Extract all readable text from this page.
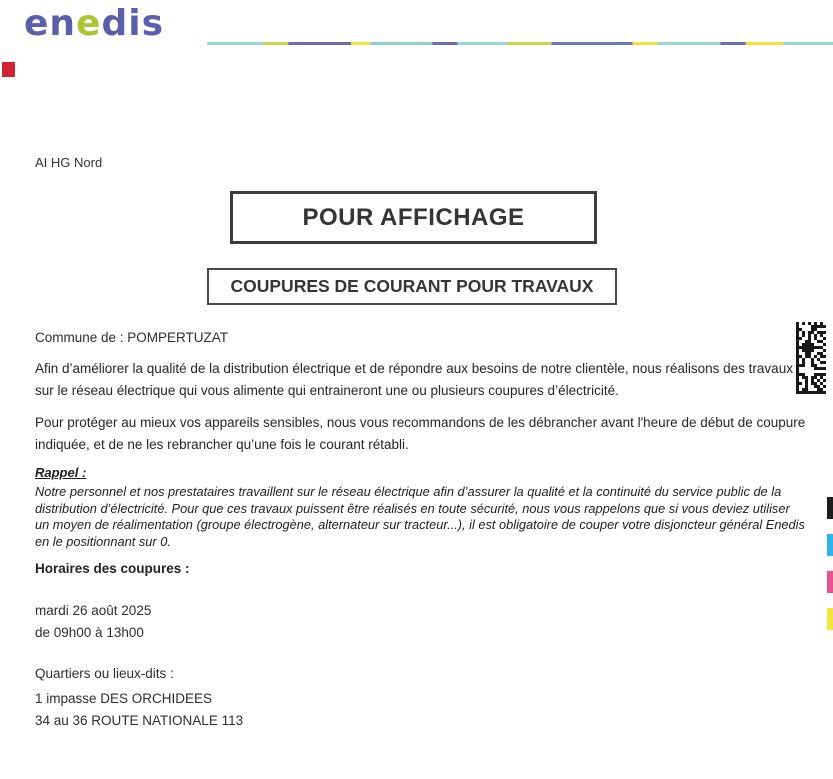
enedis
AI HG Nord
POUR AFFICHAGE
COUPURES DE COURANT POUR TRAVAUX
Commune de : POMPERTUZAT

Afin d’améliorer la qualité de la distribution électrique et de répondre aux besoins de notre clientèle, nous réalisons des travaux sur le réseau électrique qui vous alimente qui entraineront une ou plusieurs coupures d’électricité.

Pour protéger au mieux vos appareils sensibles, nous vous recommandons de les débrancher avant l'heure de début de coupure indiquée, et de ne les rebrancher qu’une fois le courant rétabli.

Rappel :

Notre personnel et nos prestataires travaillent sur le réseau électrique afin d’assurer la qualité et la continuité du service public de la distribution d’électricité. Pour que ces travaux puissent être réalisés en toute sécurité, nous vous rappelons que si vous deviez utiliser un moyen de réalimentation (groupe électrogène, alternateur sur tracteur...), il est obligatoire de couper votre disjoncteur général Enedis en le positionnant sur 0.

Horaires des coupures :
mardi 26 août 2025
de 09h00 à 13h00
Quartiers ou lieux-dits :
1 impasse DES ORCHIDEES
34 au 36 ROUTE NATIONALE 113
